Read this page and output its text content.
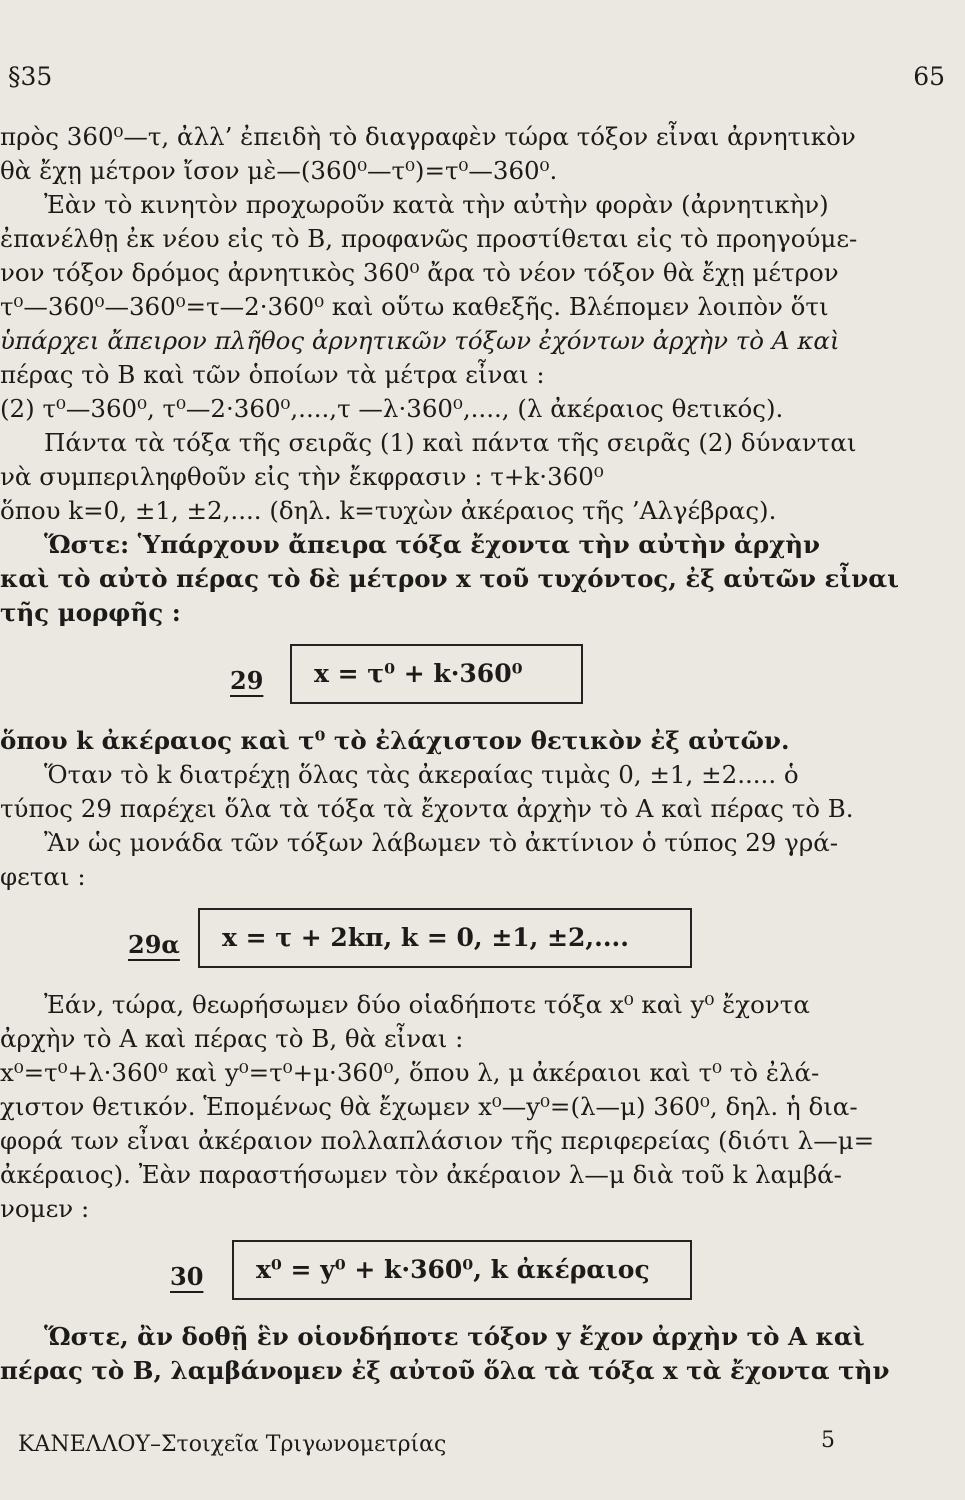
§35	65
πρὸς 360⁰—τ, ἀλλ’ ἐπειδὴ τὸ διαγραφὲν τώρα τόξον εἶναι ἀρνητικὸν
θὰ ἔχῃ μέτρον ἴσον μὲ—(360⁰—τ⁰)=τ⁰—360⁰.
Ἐὰν τὸ κινητὸν προχωροῦν κατὰ τὴν αὐτὴν φορὰν (ἀρνητικὴν)
ἐπανέλθῃ ἐκ νέου εἰς τὸ Β, προφανῶς προστίθεται εἰς τὸ προηγούμε-
νον τόξον δρόμος ἀρνητικὸς 360⁰ ἄρα τὸ νέον τόξον θὰ ἔχῃ μέτρον
τ⁰—360⁰—360⁰=τ—2·360⁰ καὶ οὕτω καθεξῆς. Βλέπομεν λοιπὸν ὅτι
ὑπάρχει ἄπειρον πλῆθος ἀρνητικῶν τόξων ἐχόντων ἀρχὴν τὸ Α καὶ
πέρας τὸ Β καὶ τῶν ὁποίων τὰ μέτρα εἶναι :
(2) τ⁰—360⁰, τ⁰—2·360⁰,....,τ —λ·360⁰,...., (λ ἀκέραιος θετικός).
Πάντα τὰ τόξα τῆς σειρᾶς (1) καὶ πάντα τῆς σειρᾶς (2) δύνανται
νὰ συμπεριληφθοῦν εἰς τὴν ἔκφρασιν : τ+k·360⁰
ὅπου k=0, ±1, ±2,.... (δηλ. k=τυχὼν ἀκέραιος τῆς ’Αλγέβρας).
Ὥστε: Ὑπάρχουν ἄπειρα τόξα ἔχοντα τὴν αὐτὴν ἀρχὴν
καὶ τὸ αὐτὸ πέρας τὸ δὲ μέτρον x τοῦ τυχόντος, ἐξ αὐτῶν εἶναι
τῆς μορφῆς :
29 x = τ⁰ + k·360⁰
ὅπου k ἀκέραιος καὶ τ⁰ τὸ ἐλάχιστον θετικὸν ἐξ αὐτῶν.
Ὅταν τὸ k διατρέχῃ ὅλας τὰς ἀκεραίας τιμὰς 0, ±1, ±2..... ὁ
τύπος 29 παρέχει ὅλα τὰ τόξα τὰ ἔχοντα ἀρχὴν τὸ Α καὶ πέρας τὸ Β.
Ἂν ὡς μονάδα τῶν τόξων λάβωμεν τὸ ἀκτίνιον ὁ τύπος 29 γρά-
φεται :
29α x = τ + 2kπ, k = 0, ±1, ±2,....
Ἐάν, τώρα, θεωρήσωμεν δύο οἱαδήποτε τόξα x⁰ καὶ y⁰ ἔχοντα
ἀρχὴν τὸ Α καὶ πέρας τὸ Β, θὰ εἶναι :
x⁰=τ⁰+λ·360⁰ καὶ y⁰=τ⁰+μ·360⁰, ὅπου λ, μ ἀκέραιοι καὶ τ⁰ τὸ ἐλά-
χιστον θετικόν. Ἑπομένως θὰ ἔχωμεν x⁰—y⁰=(λ—μ) 360⁰, δηλ. ἡ δια-
φορά των εἶναι ἀκέραιον πολλαπλάσιον τῆς περιφερείας (διότι λ—μ=
ἀκέραιος). Ἐὰν παραστήσωμεν τὸν ἀκέραιον λ—μ διὰ τοῦ k λαμβά-
νομεν :
30 x⁰ = y⁰ + k·360⁰, k ἀκέραιος
Ὥστε, ἂν δοθῇ ἓν οἱονδήποτε τόξον y ἔχον ἀρχὴν τὸ Α καὶ
πέρας τὸ Β, λαμβάνομεν ἐξ αὐτοῦ ὅλα τὰ τόξα x τὰ ἔχοντα τὴν
ΚΑΝΕΛΛΟΥ–Στοιχεῖα Τριγωνομετρίας	5
